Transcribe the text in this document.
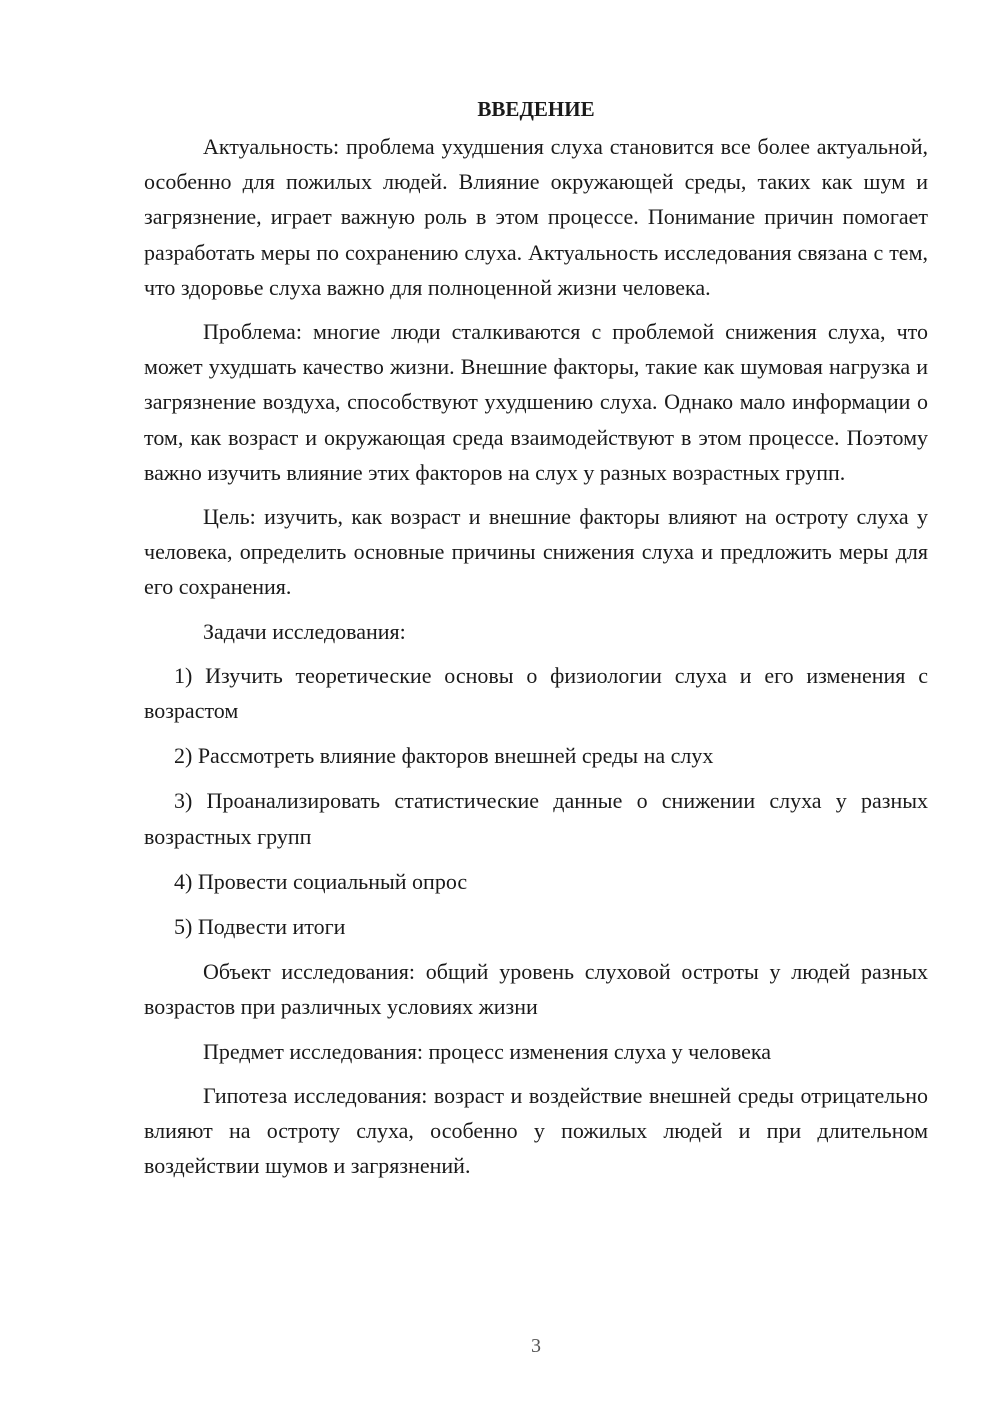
ВВЕДЕНИЕ

Актуальность: проблема ухудшения слуха становится все более актуальной, особенно для пожилых людей. Влияние окружающей среды, таких как шум и загрязнение, играет важную роль в этом процессе. Понимание причин помогает разработать меры по сохранению слуха. Актуальность исследования связана с тем, что здоровье слуха важно для полноценной жизни человека.

Проблема: многие люди сталкиваются с проблемой снижения слуха, что может ухудшать качество жизни. Внешние факторы, такие как шумовая нагрузка и загрязнение воздуха, способствуют ухудшению слуха. Однако мало информации о том, как возраст и окружающая среда взаимодействуют в этом процессе. Поэтому важно изучить влияние этих факторов на слух у разных возрастных групп.

Цель: изучить, как возраст и внешние факторы влияют на остроту слуха у человека, определить основные причины снижения слуха и предложить меры для его сохранения.

Задачи исследования:

1) Изучить теоретические основы о физиологии слуха и его изменения с возрастом

2) Рассмотреть влияние факторов внешней среды на слух

3) Проанализировать статистические данные о снижении слуха у разных возрастных групп

4) Провести социальный опрос

5) Подвести итоги

Объект исследования: общий уровень слуховой остроты у людей разных возрастов при различных условиях жизни

Предмет исследования: процесс изменения слуха у человека

Гипотеза исследования: возраст и воздействие внешней среды отрицательно влияют на остроту слуха, особенно у пожилых людей и при длительном воздействии шумов и загрязнений.

3
